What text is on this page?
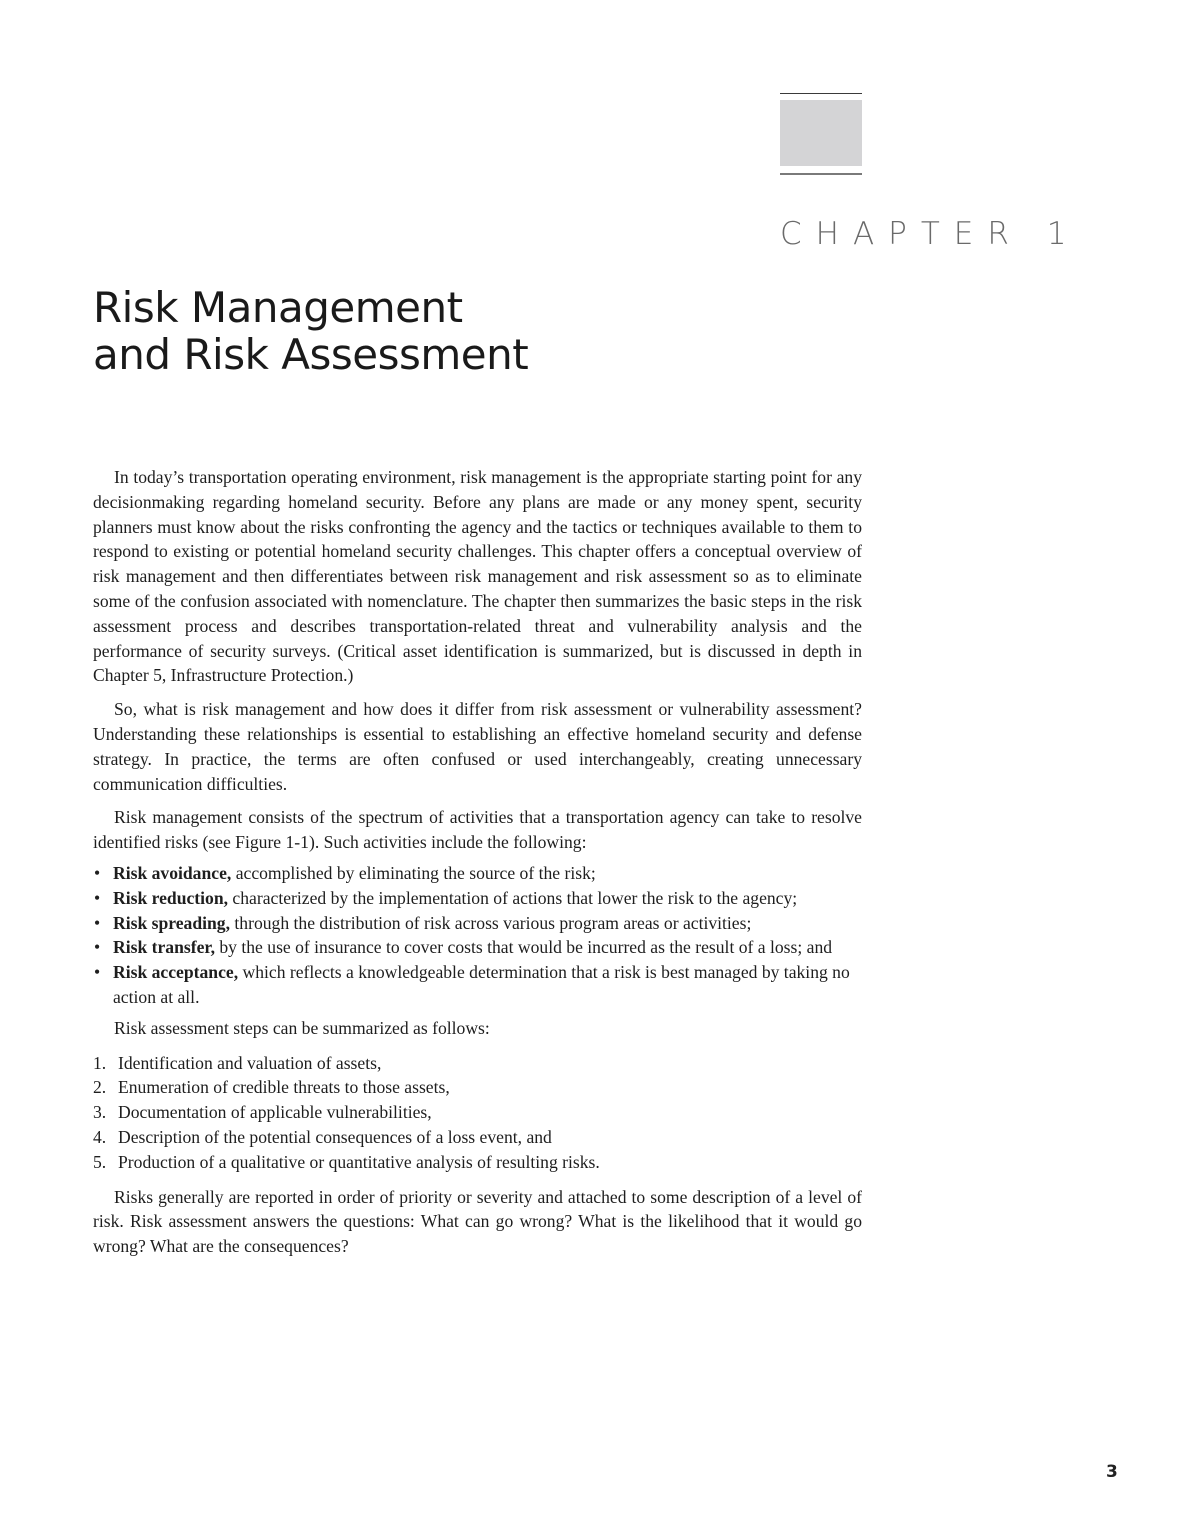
CHAPTER 1
Risk Management
and Risk Assessment

In today’s transportation operating environment, risk management is the appropriate starting point for any decisionmaking regarding homeland security. Before any plans are made or any money spent, security planners must know about the risks confronting the agency and the tactics or techniques available to them to respond to existing or potential homeland security challenges. This chapter offers a conceptual overview of risk management and then differentiates between risk management and risk assessment so as to eliminate some of the confusion associated with nomenclature. The chapter then summarizes the basic steps in the risk assessment process and describes transportation-related threat and vulnerability analysis and the performance of security surveys. (Critical asset identification is summarized, but is discussed in depth in Chapter 5, Infrastructure Protection.)

So, what is risk management and how does it differ from risk assessment or vulnerability assessment? Understanding these relationships is essential to establishing an effective homeland security and defense strategy. In practice, the terms are often confused or used interchangeably, creating unnecessary communication difficulties.

Risk management consists of the spectrum of activities that a transportation agency can take to resolve identified risks (see Figure 1-1). Such activities include the following:

• Risk avoidance, accomplished by eliminating the source of the risk;
• Risk reduction, characterized by the implementation of actions that lower the risk to the agency;
• Risk spreading, through the distribution of risk across various program areas or activities;
• Risk transfer, by the use of insurance to cover costs that would be incurred as the result of a loss; and
• Risk acceptance, which reflects a knowledgeable determination that a risk is best managed by taking no action at all.

Risk assessment steps can be summarized as follows:

1. Identification and valuation of assets,
2. Enumeration of credible threats to those assets,
3. Documentation of applicable vulnerabilities,
4. Description of the potential consequences of a loss event, and
5. Production of a qualitative or quantitative analysis of resulting risks.

Risks generally are reported in order of priority or severity and attached to some description of a level of risk. Risk assessment answers the questions: What can go wrong? What is the likelihood that it would go wrong? What are the consequences?

3
